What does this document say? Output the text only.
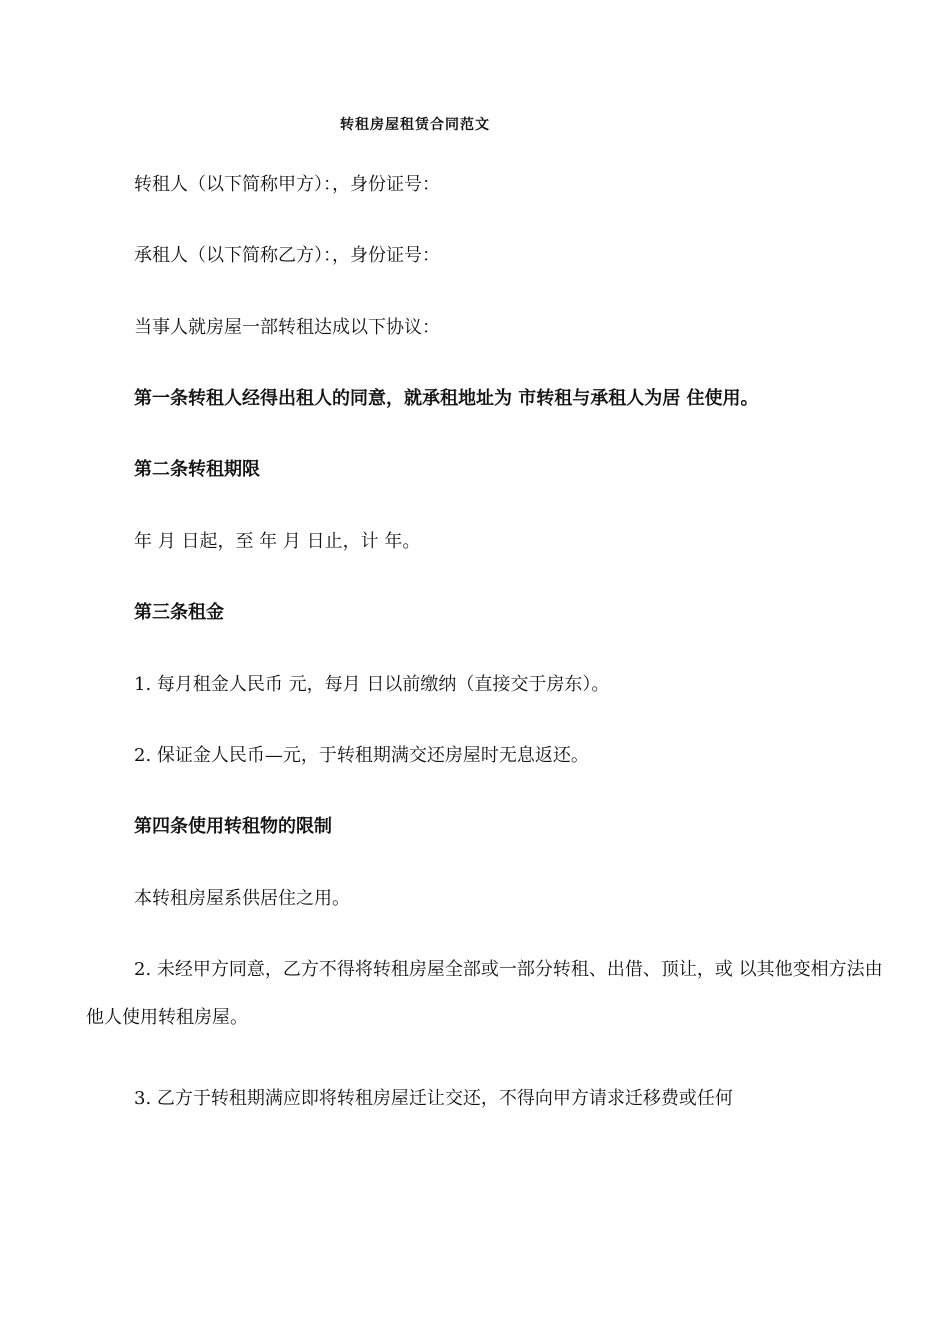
转租房屋租赁合同范文
转租人（以下简称甲方）：，身份证号：
承租人（以下简称乙方）：，身份证号：
当事人就房屋一部转租达成以下协议：
第一条转租人经得出租人的同意，就承租地址为 市转租与承租人为居 住使用。
第二条转租期限
年 月 日起，至 年 月 日止，计 年。
第三条租金
1. 每月租金人民币 元，每月 日以前缴纳（直接交于房东）。
2. 保证金人民币—元，于转租期满交还房屋时无息返还。
第四条使用转租物的限制
本转租房屋系供居住之用。
2. 未经甲方同意，乙方不得将转租房屋全部或一部分转租、出借、顶让，或 以其他变相方法由他人使用转租房屋。
3. 乙方于转租期满应即将转租房屋迁让交还，不得向甲方请求迁移费或任何
